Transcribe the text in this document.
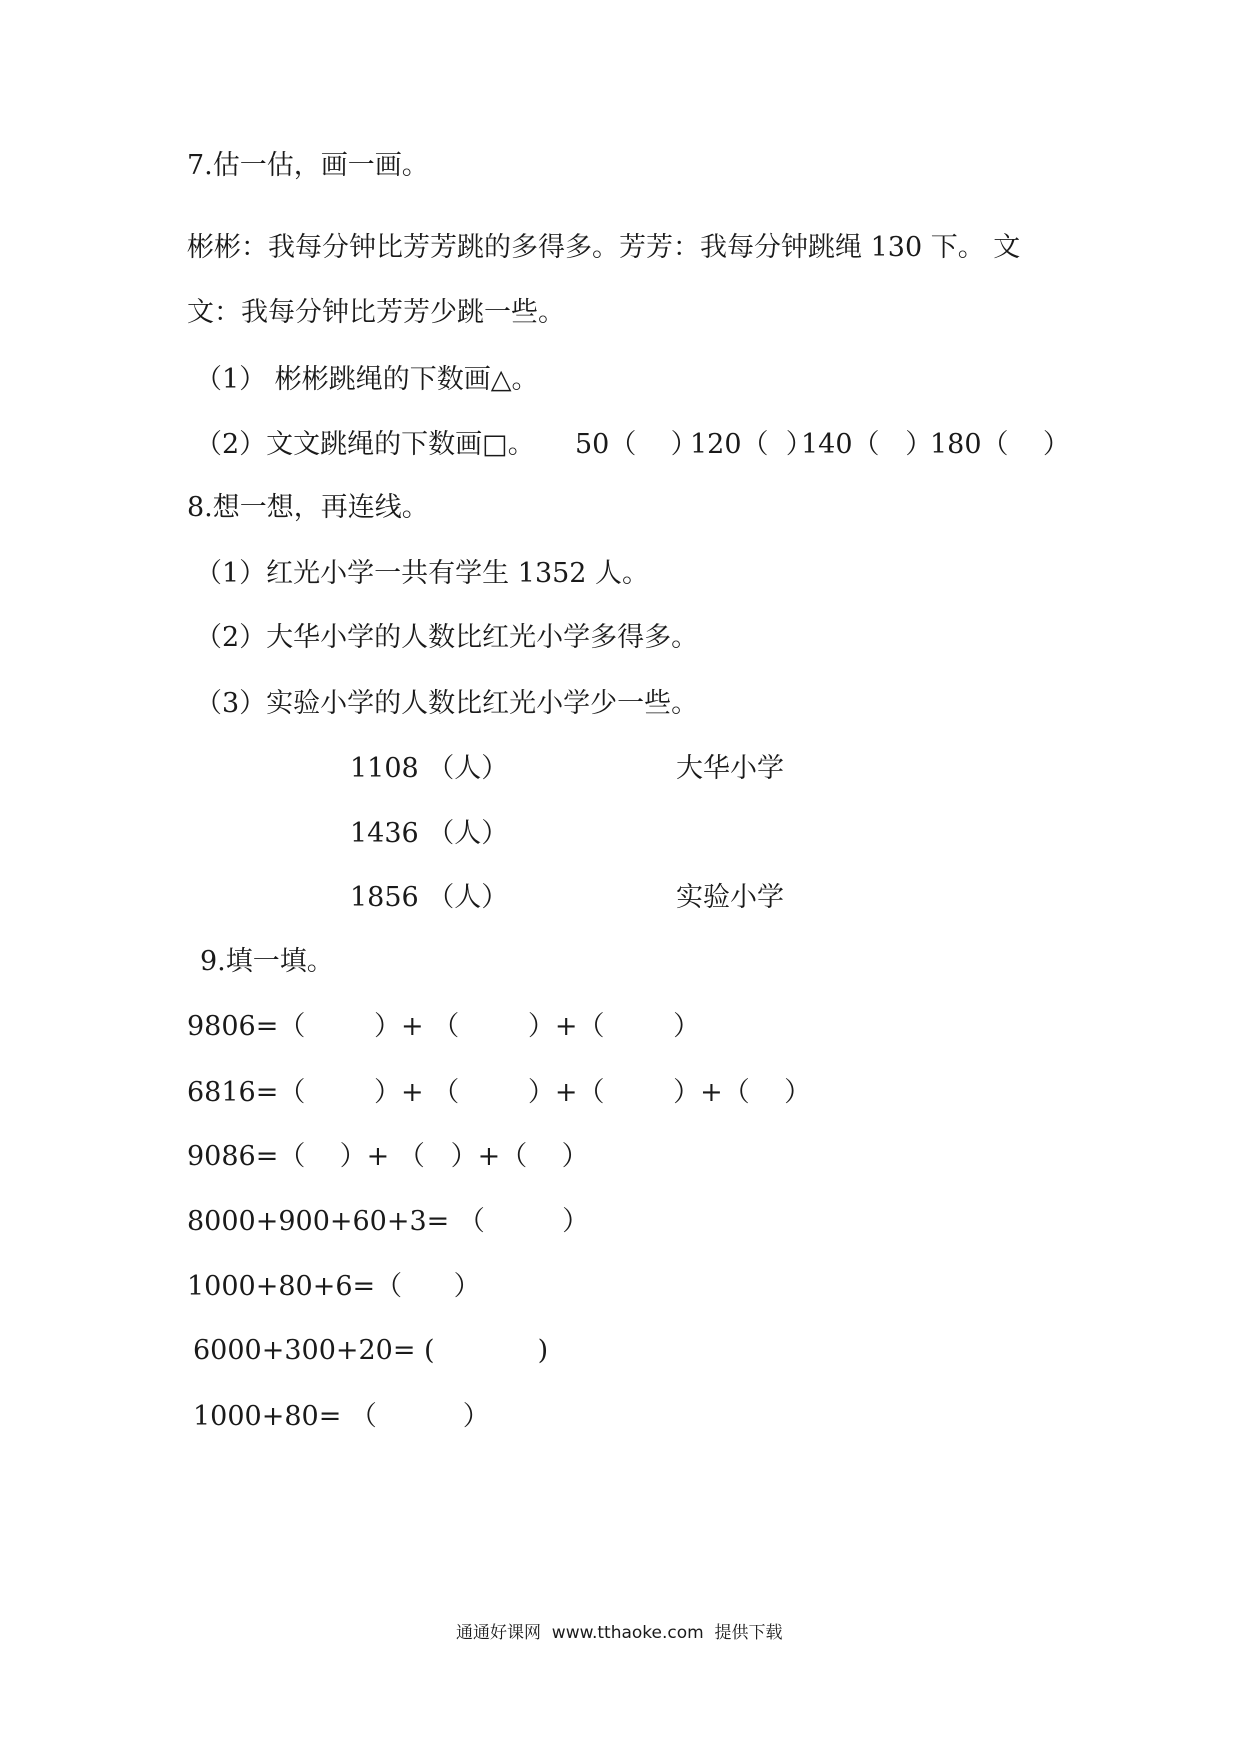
7.估一估，画一画。
彬彬：我每分钟比芳芳跳的多得多。芳芳：我每分钟跳绳 130 下。 文
文：我每分钟比芳芳少跳一些。
（1） 彬彬跳绳的下数画△。
（2）文文跳绳的下数画□。 50（    ）
120（  ）
140（   ）
180（    ）
8.想一想，再连线。
（1）红光小学一共有学生 1352 人。
（2）大华小学的人数比红光小学多得多。
（3）实验小学的人数比红光小学少一些。
1108 （人）
1436 （人）
1856 （人）
大华小学
实验小学
9.填一填。
9806=（        ）+ （        ）+（        ）
6816=（        ）+ （        ）+（        ）+（    ）
9086=（    ）+ （   ）+（    ）
8000+900+60+3= （         ）
1000+80+6=（      ）
6000+300+20= (            )
1000+80= （          ）
通通好课网  www.tthaoke.com  提供下载
